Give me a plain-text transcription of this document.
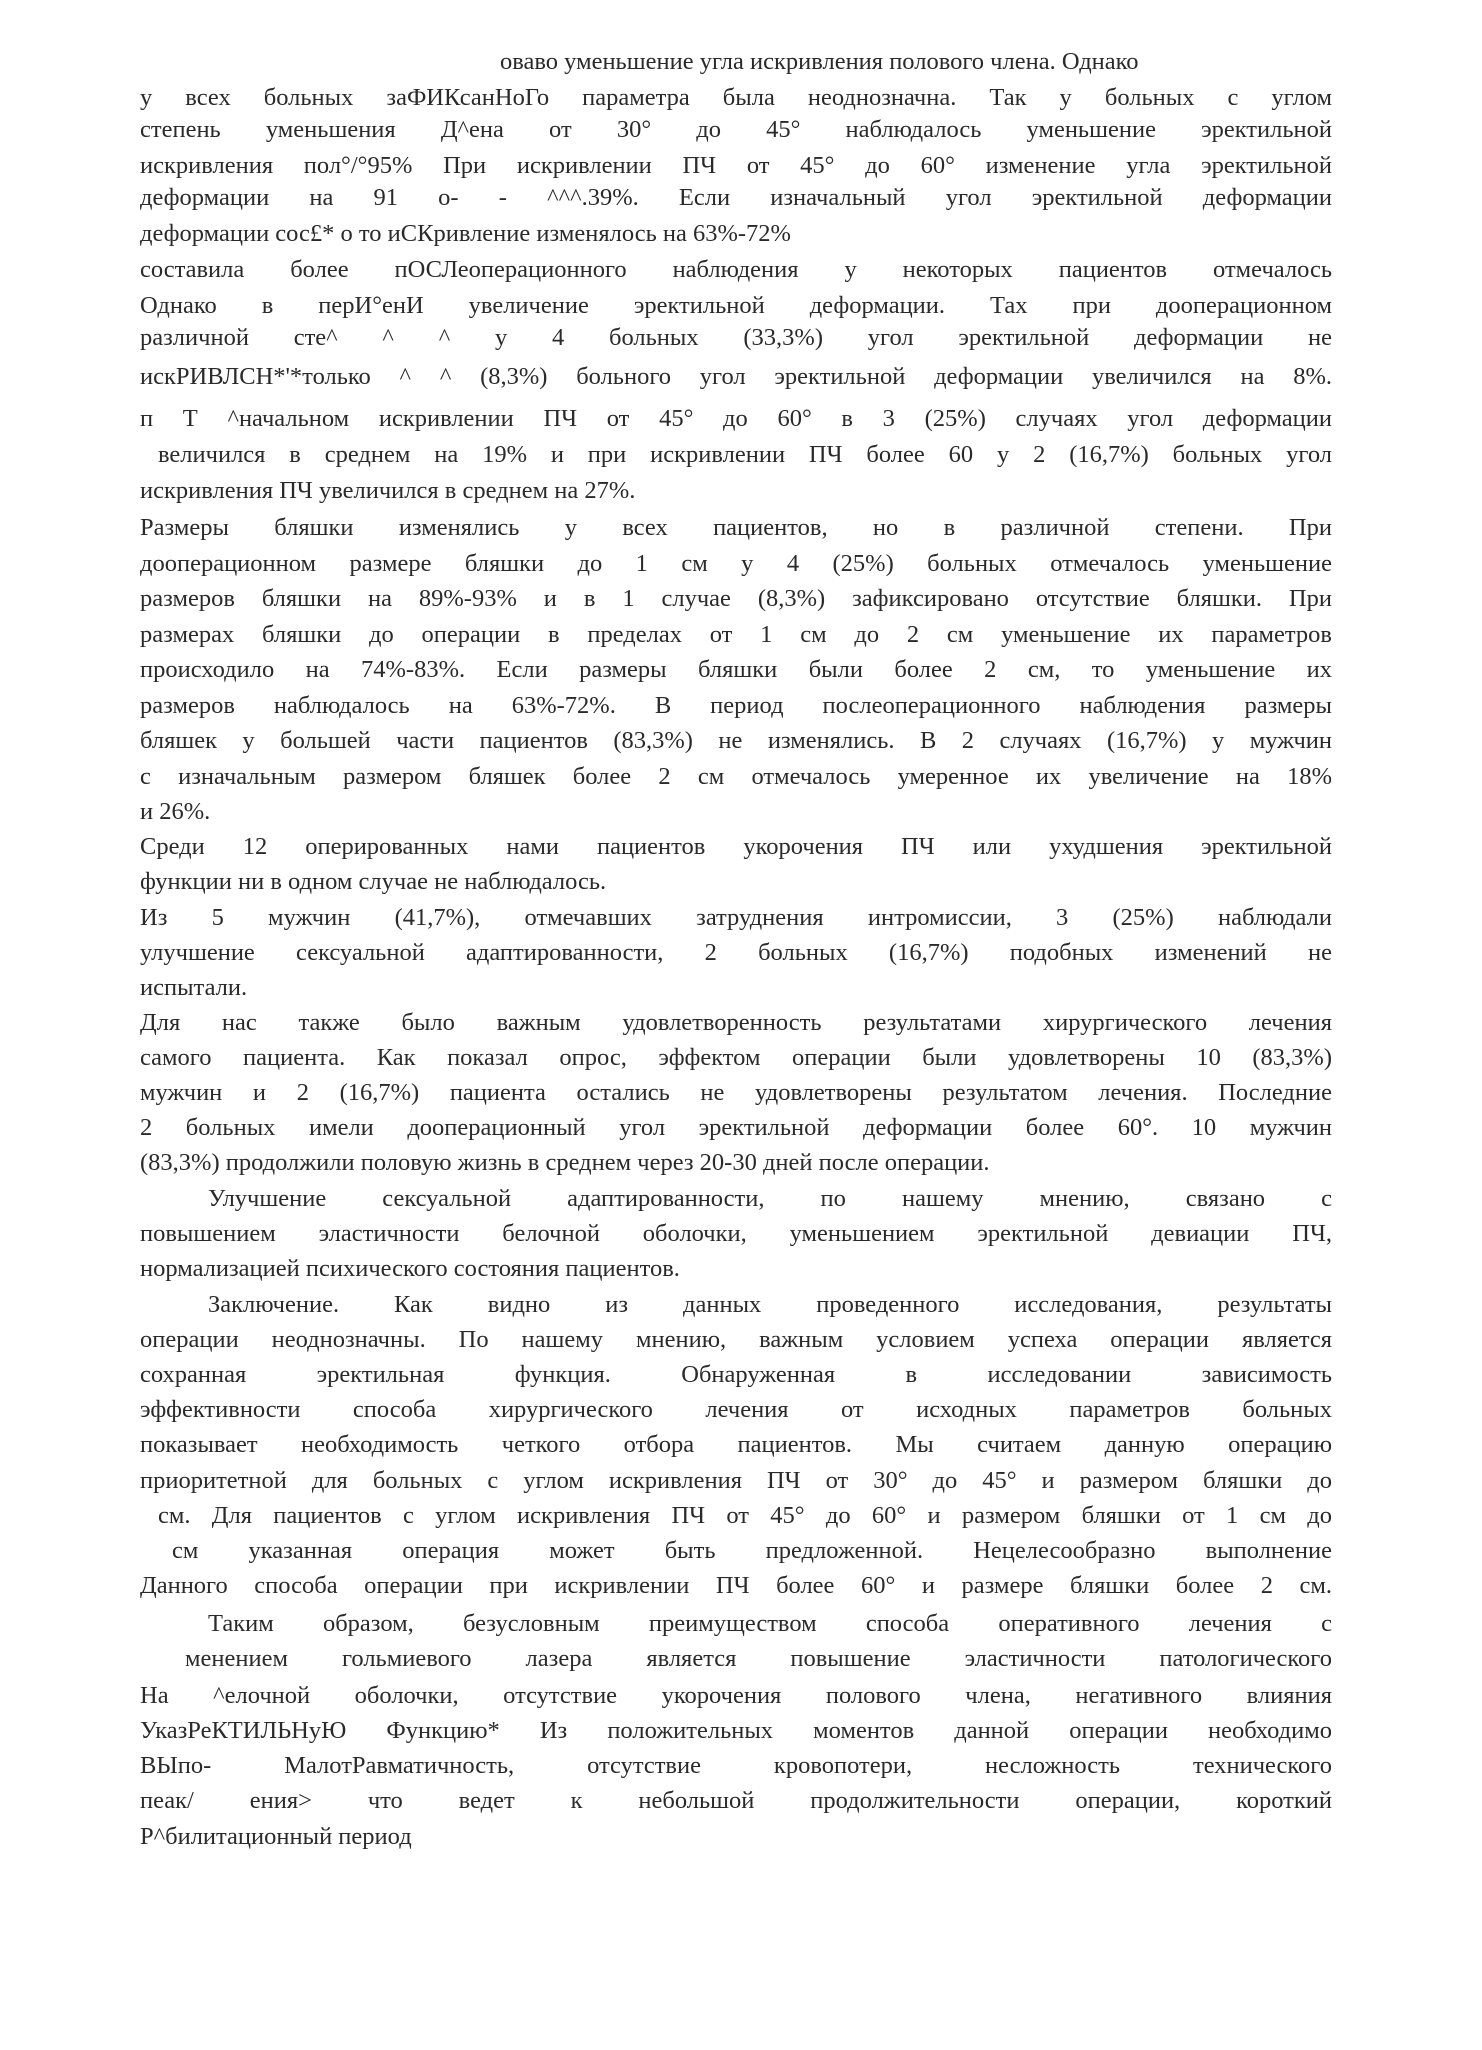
оваво уменьшение угла искривления полового члена. Однако
у всех больных заФИКсанНоГо параметра была неоднозначна. Так у больных с углом
степень уменьшения Д^ена от 30° до 45° наблюдалось уменьшение эректильной
искривления пол°/°95% При искривлении ПЧ от 45° до 60° изменение угла эректильной
деформации на 91 о- - ^^^.39%. Если изначальный угол эректильной деформации
деформации сос£* о то иСКривление изменялось на 63%-72%
составила более пОСЛеоперационного наблюдения у некоторых пациентов отмечалось
Однако в перИ°енИ увеличение эректильной деформации. Тах при дооперационном
различной сте^ ^ ^ у 4 больных (33,3%) угол эректильной деформации не
искРИВЛСН*'*только ^ ^ (8,3%) больного угол эректильной деформации увеличился на 8%.
п Т ^начальном искривлении ПЧ от 45° до 60° в 3 (25%) случаях угол деформации
величился в среднем на 19% и при искривлении ПЧ более 60 у 2 (16,7%) больных угол
искривления ПЧ увеличился в среднем на 27%.
Размеры бляшки изменялись у всех пациентов, но в различной степени. При
дооперационном размере бляшки до 1 см у 4 (25%) больных отмечалось уменьшение
размеров бляшки на 89%-93% и в 1 случае (8,3%) зафиксировано отсутствие бляшки. При
размерах бляшки до операции в пределах от 1 см до 2 см уменьшение их параметров
происходило на 74%-83%. Если размеры бляшки были более 2 см, то уменьшение их
размеров наблюдалось на 63%-72%. В период послеоперационного наблюдения размеры
бляшек у большей части пациентов (83,3%) не изменялись. В 2 случаях (16,7%) у мужчин
с изначальным размером бляшек более 2 см отмечалось умеренное их увеличение на 18%
и 26%.
Среди 12 оперированных нами пациентов укорочения ПЧ или ухудшения эректильной
функции ни в одном случае не наблюдалось.
Из 5 мужчин (41,7%), отмечавших затруднения интромиссии, 3 (25%) наблюдали
улучшение сексуальной адаптированности, 2 больных (16,7%) подобных изменений не
испытали.
Для нас также было важным удовлетворенность результатами хирургического лечения
самого пациента. Как показал опрос, эффектом операции были удовлетворены 10 (83,3%)
мужчин и 2 (16,7%) пациента остались не удовлетворены результатом лечения. Последние
2 больных имели дооперационный угол эректильной деформации более 60°. 10 мужчин
(83,3%) продолжили половую жизнь в среднем через 20-30 дней после операции.
Улучшение сексуальной адаптированности, по нашему мнению, связано с
повышением эластичности белочной оболочки, уменьшением эректильной девиации ПЧ,
нормализацией психического состояния пациентов.
Заключение. Как видно из данных проведенного исследования, результаты
операции неоднозначны. По нашему мнению, важным условием успеха операции является
сохранная эректильная функция. Обнаруженная в исследовании зависимость
эффективности способа хирургического лечения от исходных параметров больных
показывает необходимость четкого отбора пациентов. Мы считаем данную операцию
приоритетной для больных с углом искривления ПЧ от 30° до 45° и размером бляшки до
см. Для пациентов с углом искривления ПЧ от 45° до 60° и размером бляшки от 1 см до
см указанная операция может быть предложенной. Нецелесообразно выполнение
Данного способа операции при искривлении ПЧ более 60° и размере бляшки более 2 см.
Таким образом, безусловным преимуществом способа оперативного лечения с
менением гольмиевого лазера является повышение эластичности патологического
На ^елочной оболочки, отсутствие укорочения полового члена, негативного влияния
УказРеКТИЛЬНуЮ Функцию* Из положительных моментов данной операции необходимо
ВЫпо- МалотРавматичность, отсутствие кровопотери, несложность технического
пеак/ ения> что ведет к небольшой продолжительности операции, короткий
Р^билитационный период
